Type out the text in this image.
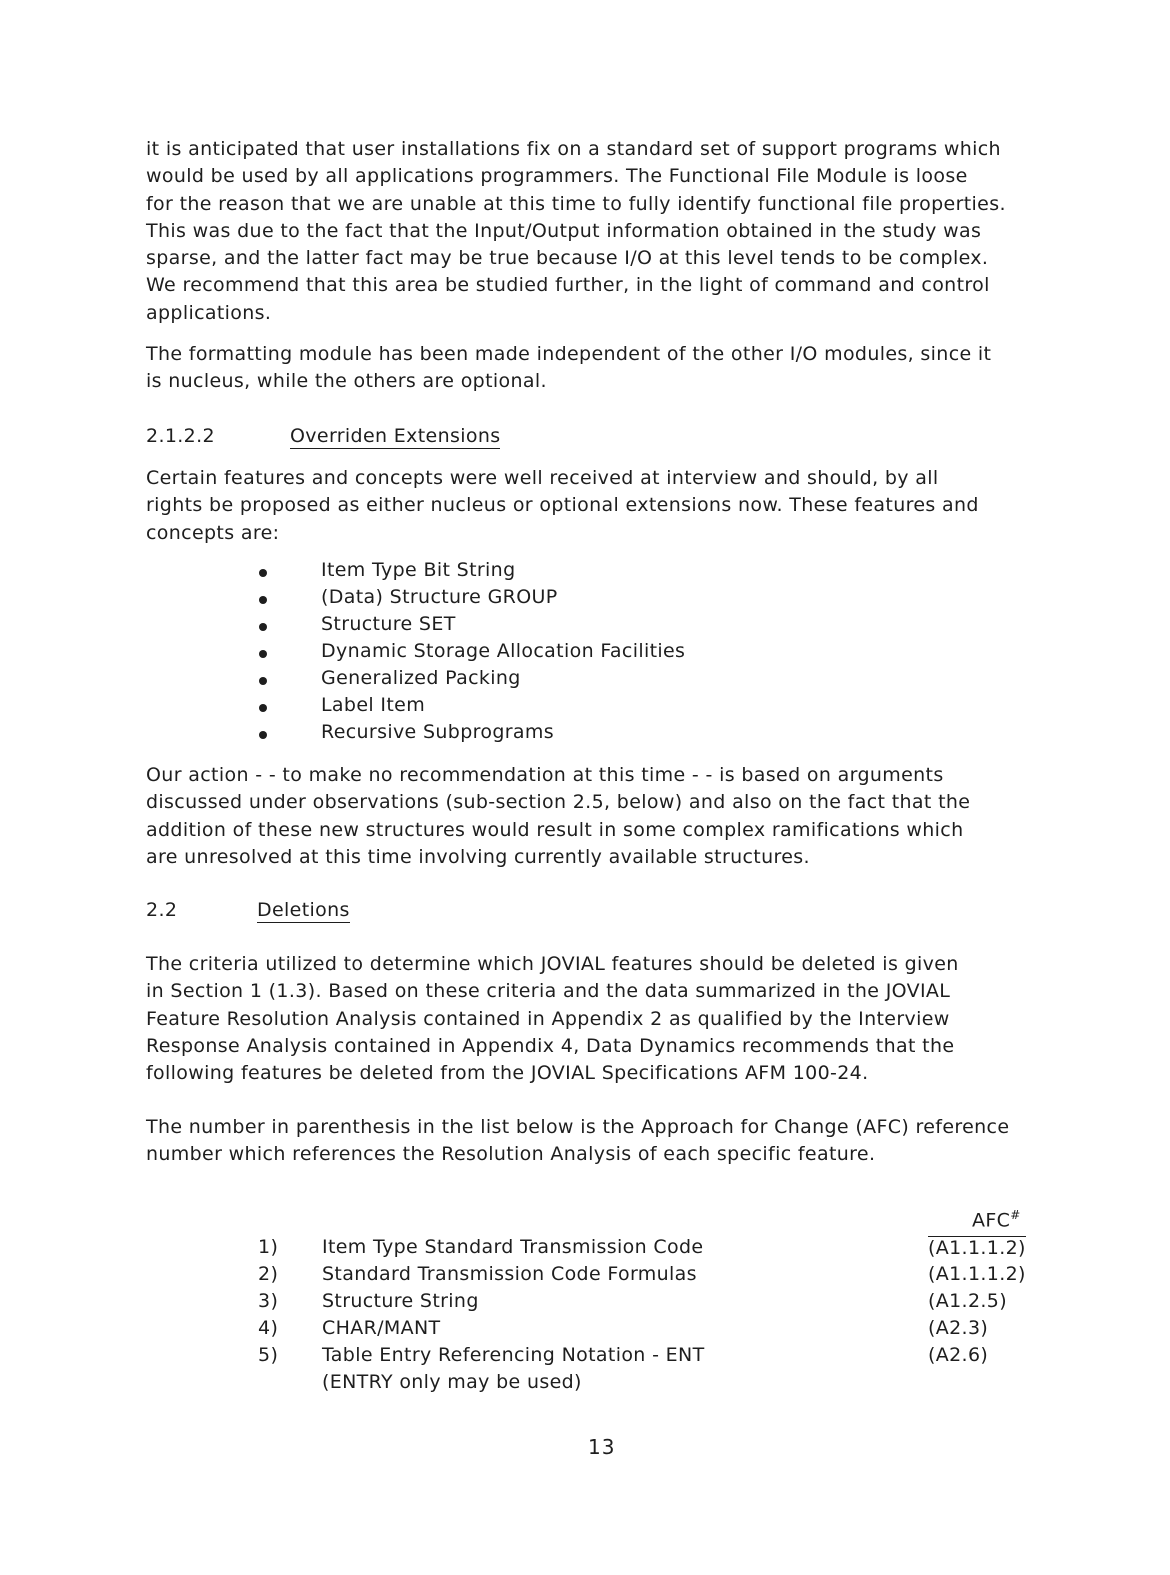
it is anticipated that user installations fix on a standard set of support programs which
would be used by all applications programmers. The Functional File Module is loose
for the reason that we are unable at this time to fully identify functional file properties.
This was due to the fact that the Input/Output information obtained in the study was
sparse, and the latter fact may be true because I/O at this level tends to be complex.
We recommend that this area be studied further, in the light of command and control
applications.

The formatting module has been made independent of the other I/O modules, since it
is nucleus, while the others are optional.

2.1.2.2	Overriden Extensions

Certain features and concepts were well received at interview and should, by all
rights be proposed as either nucleus or optional extensions now. These features and
concepts are:

Item Type Bit String
(Data) Structure GROUP
Structure SET
Dynamic Storage Allocation Facilities
Generalized Packing
Label Item
Recursive Subprograms

Our action - - to make no recommendation at this time - - is based on arguments
discussed under observations (sub-section 2.5, below) and also on the fact that the
addition of these new structures would result in some complex ramifications which
are unresolved at this time involving currently available structures.

2.2	Deletions

The criteria utilized to determine which JOVIAL features should be deleted is given
in Section 1 (1.3). Based on these criteria and the data summarized in the JOVIAL
Feature Resolution Analysis contained in Appendix 2 as qualified by the Interview
Response Analysis contained in Appendix 4, Data Dynamics recommends that the
following features be deleted from the JOVIAL Specifications AFM 100-24.

The number in parenthesis in the list below is the Approach for Change (AFC) reference
number which references the Resolution Analysis of each specific feature.

AFC#
1) Item Type Standard Transmission Code	(A1.1.1.2)
2) Standard Transmission Code Formulas	(A1.1.1.2)
3) Structure String	(A1.2.5)
4) CHAR/MANT	(A2.3)
5) Table Entry Referencing Notation - ENT	(A2.6)
(ENTRY only may be used)
13
